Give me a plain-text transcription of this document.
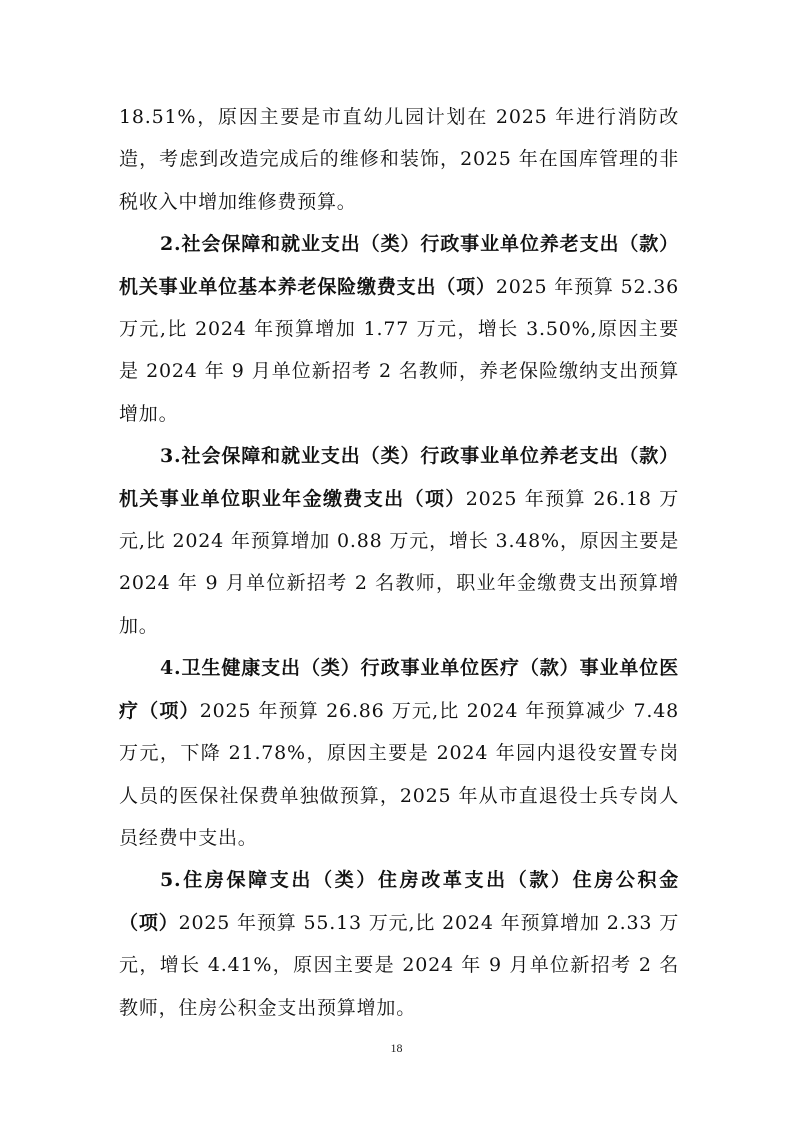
18.51%，原因主要是市直幼儿园计划在 2025 年进行消防改造，考虑到改造完成后的维修和装饰，2025 年在国库管理的非税收入中增加维修费预算。

2.社会保障和就业支出（类）行政事业单位养老支出（款）机关事业单位基本养老保险缴费支出（项）2025 年预算 52.36 万元,比 2024 年预算增加 1.77 万元，增长 3.50%,原因主要是 2024 年 9 月单位新招考 2 名教师，养老保险缴纳支出预算增加。

3.社会保障和就业支出（类）行政事业单位养老支出（款）机关事业单位职业年金缴费支出（项）2025 年预算 26.18 万元,比 2024 年预算增加 0.88 万元，增长 3.48%，原因主要是 2024 年 9 月单位新招考 2 名教师，职业年金缴费支出预算增加。

4.卫生健康支出（类）行政事业单位医疗（款）事业单位医疗（项）2025 年预算 26.86 万元,比 2024 年预算减少 7.48 万元，下降 21.78%，原因主要是 2024 年园内退役安置专岗人员的医保社保费单独做预算，2025 年从市直退役士兵专岗人员经费中支出。

5.住房保障支出（类）住房改革支出（款）住房公积金（项）2025 年预算 55.13 万元,比 2024 年预算增加 2.33 万元，增长 4.41%，原因主要是 2024 年 9 月单位新招考 2 名教师，住房公积金支出预算增加。

18
